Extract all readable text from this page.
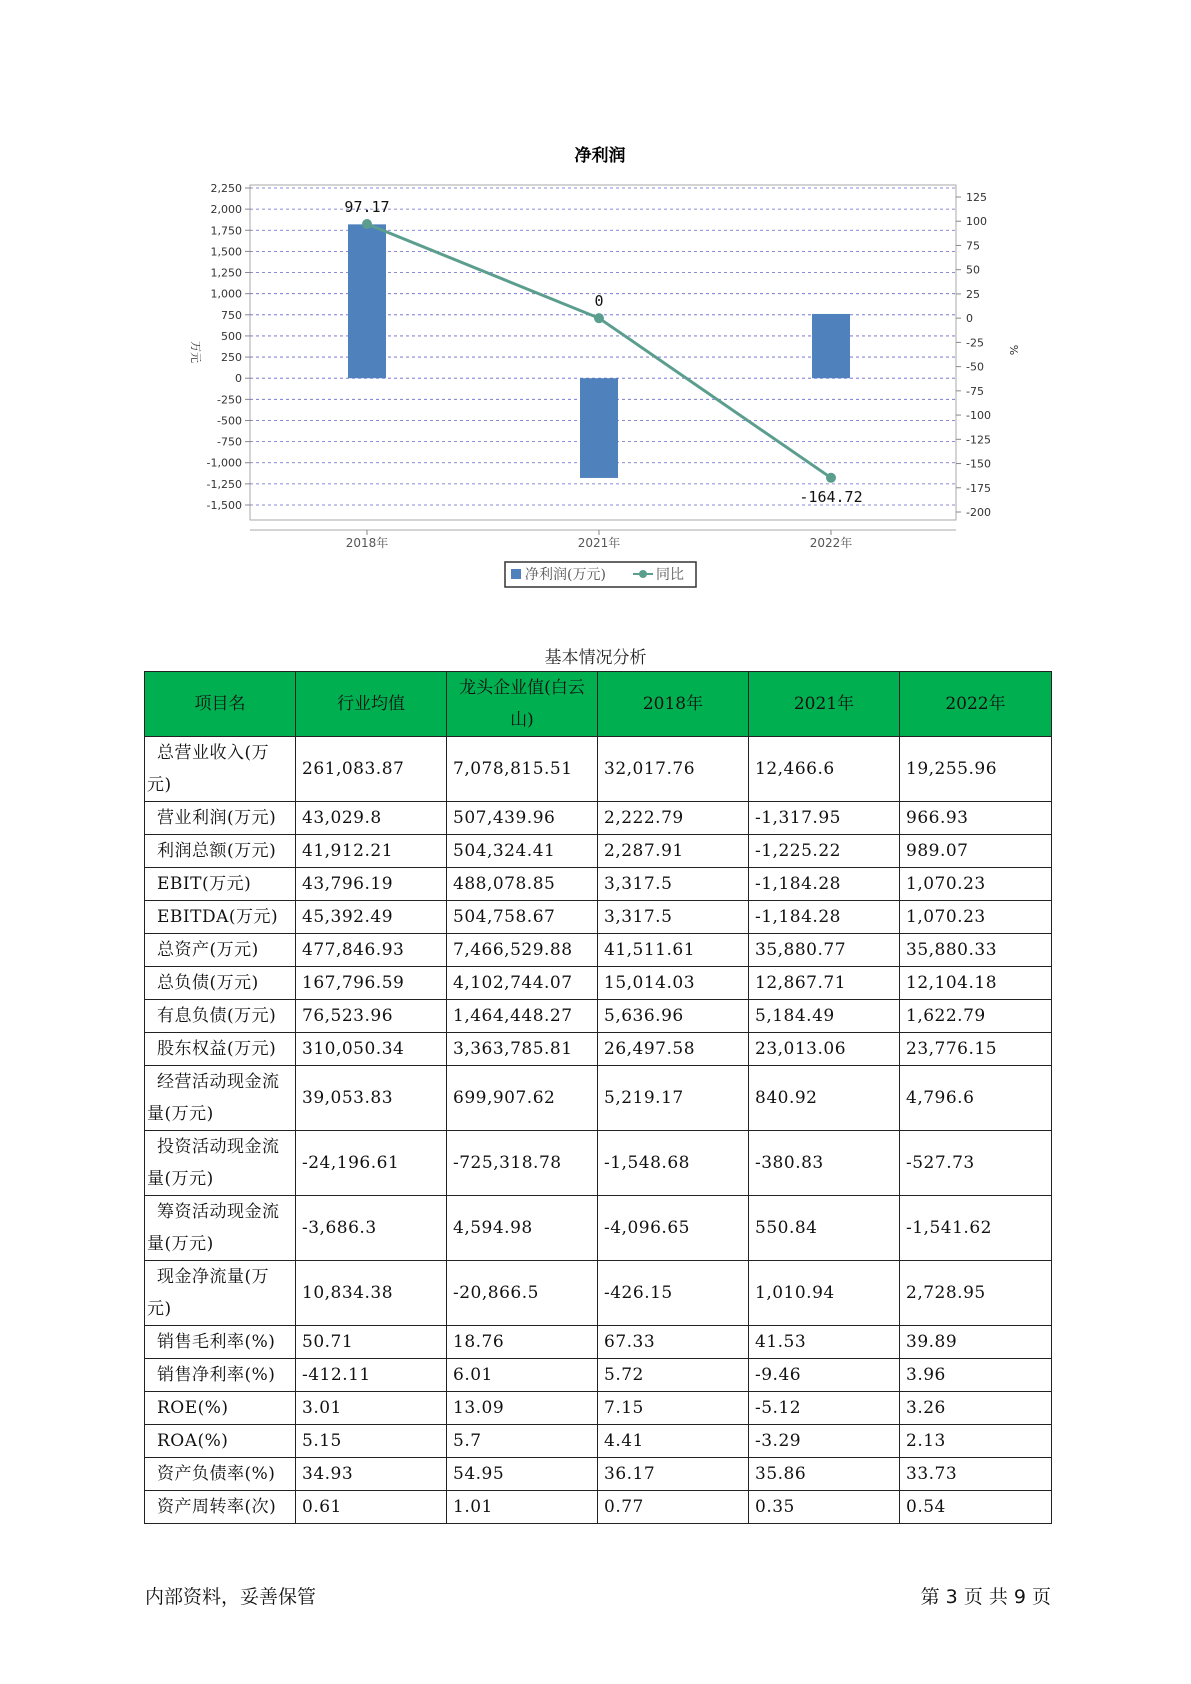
净利润
-1,500
-1,250
-1,000
-750
-500
-250
0
250
500
750
1,000
1,250
1,500
1,750
2,000
2,250
-200
-175
-150
-125
-100
-75
-50
-25
0
25
50
75
100
125
万元	%
2018年	2021年	2022年
97.17
0
-164.72
净利润(万元)	同比
基本情况分析
项目名	行业均值	龙头企业值(白云山)	2018年	2021年	2022年
总营业收入(万元)	261,083.87	7,078,815.51	32,017.76	12,466.6	19,255.96
营业利润(万元)	43,029.8	507,439.96	2,222.79	-1,317.95	966.93
利润总额(万元)	41,912.21	504,324.41	2,287.91	-1,225.22	989.07
EBIT(万元)	43,796.19	488,078.85	3,317.5	-1,184.28	1,070.23
EBITDA(万元)	45,392.49	504,758.67	3,317.5	-1,184.28	1,070.23
总资产(万元)	477,846.93	7,466,529.88	41,511.61	35,880.77	35,880.33
总负债(万元)	167,796.59	4,102,744.07	15,014.03	12,867.71	12,104.18
有息负债(万元)	76,523.96	1,464,448.27	5,636.96	5,184.49	1,622.79
股东权益(万元)	310,050.34	3,363,785.81	26,497.58	23,013.06	23,776.15
经营活动现金流量(万元)	39,053.83	699,907.62	5,219.17	840.92	4,796.6
投资活动现金流量(万元)	-24,196.61	-725,318.78	-1,548.68	-380.83	-527.73
筹资活动现金流量(万元)	-3,686.3	4,594.98	-4,096.65	550.84	-1,541.62
现金净流量(万元)	10,834.38	-20,866.5	-426.15	1,010.94	2,728.95
销售毛利率(%)	50.71	18.76	67.33	41.53	39.89
销售净利率(%)	-412.11	6.01	5.72	-9.46	3.96
ROE(%)	3.01	13.09	7.15	-5.12	3.26
ROA(%)	5.15	5.7	4.41	-3.29	2.13
资产负债率(%)	34.93	54.95	36.17	35.86	33.73
资产周转率(次)	0.61	1.01	0.77	0.35	0.54
内部资料，妥善保管	第 3 页 共 9 页
